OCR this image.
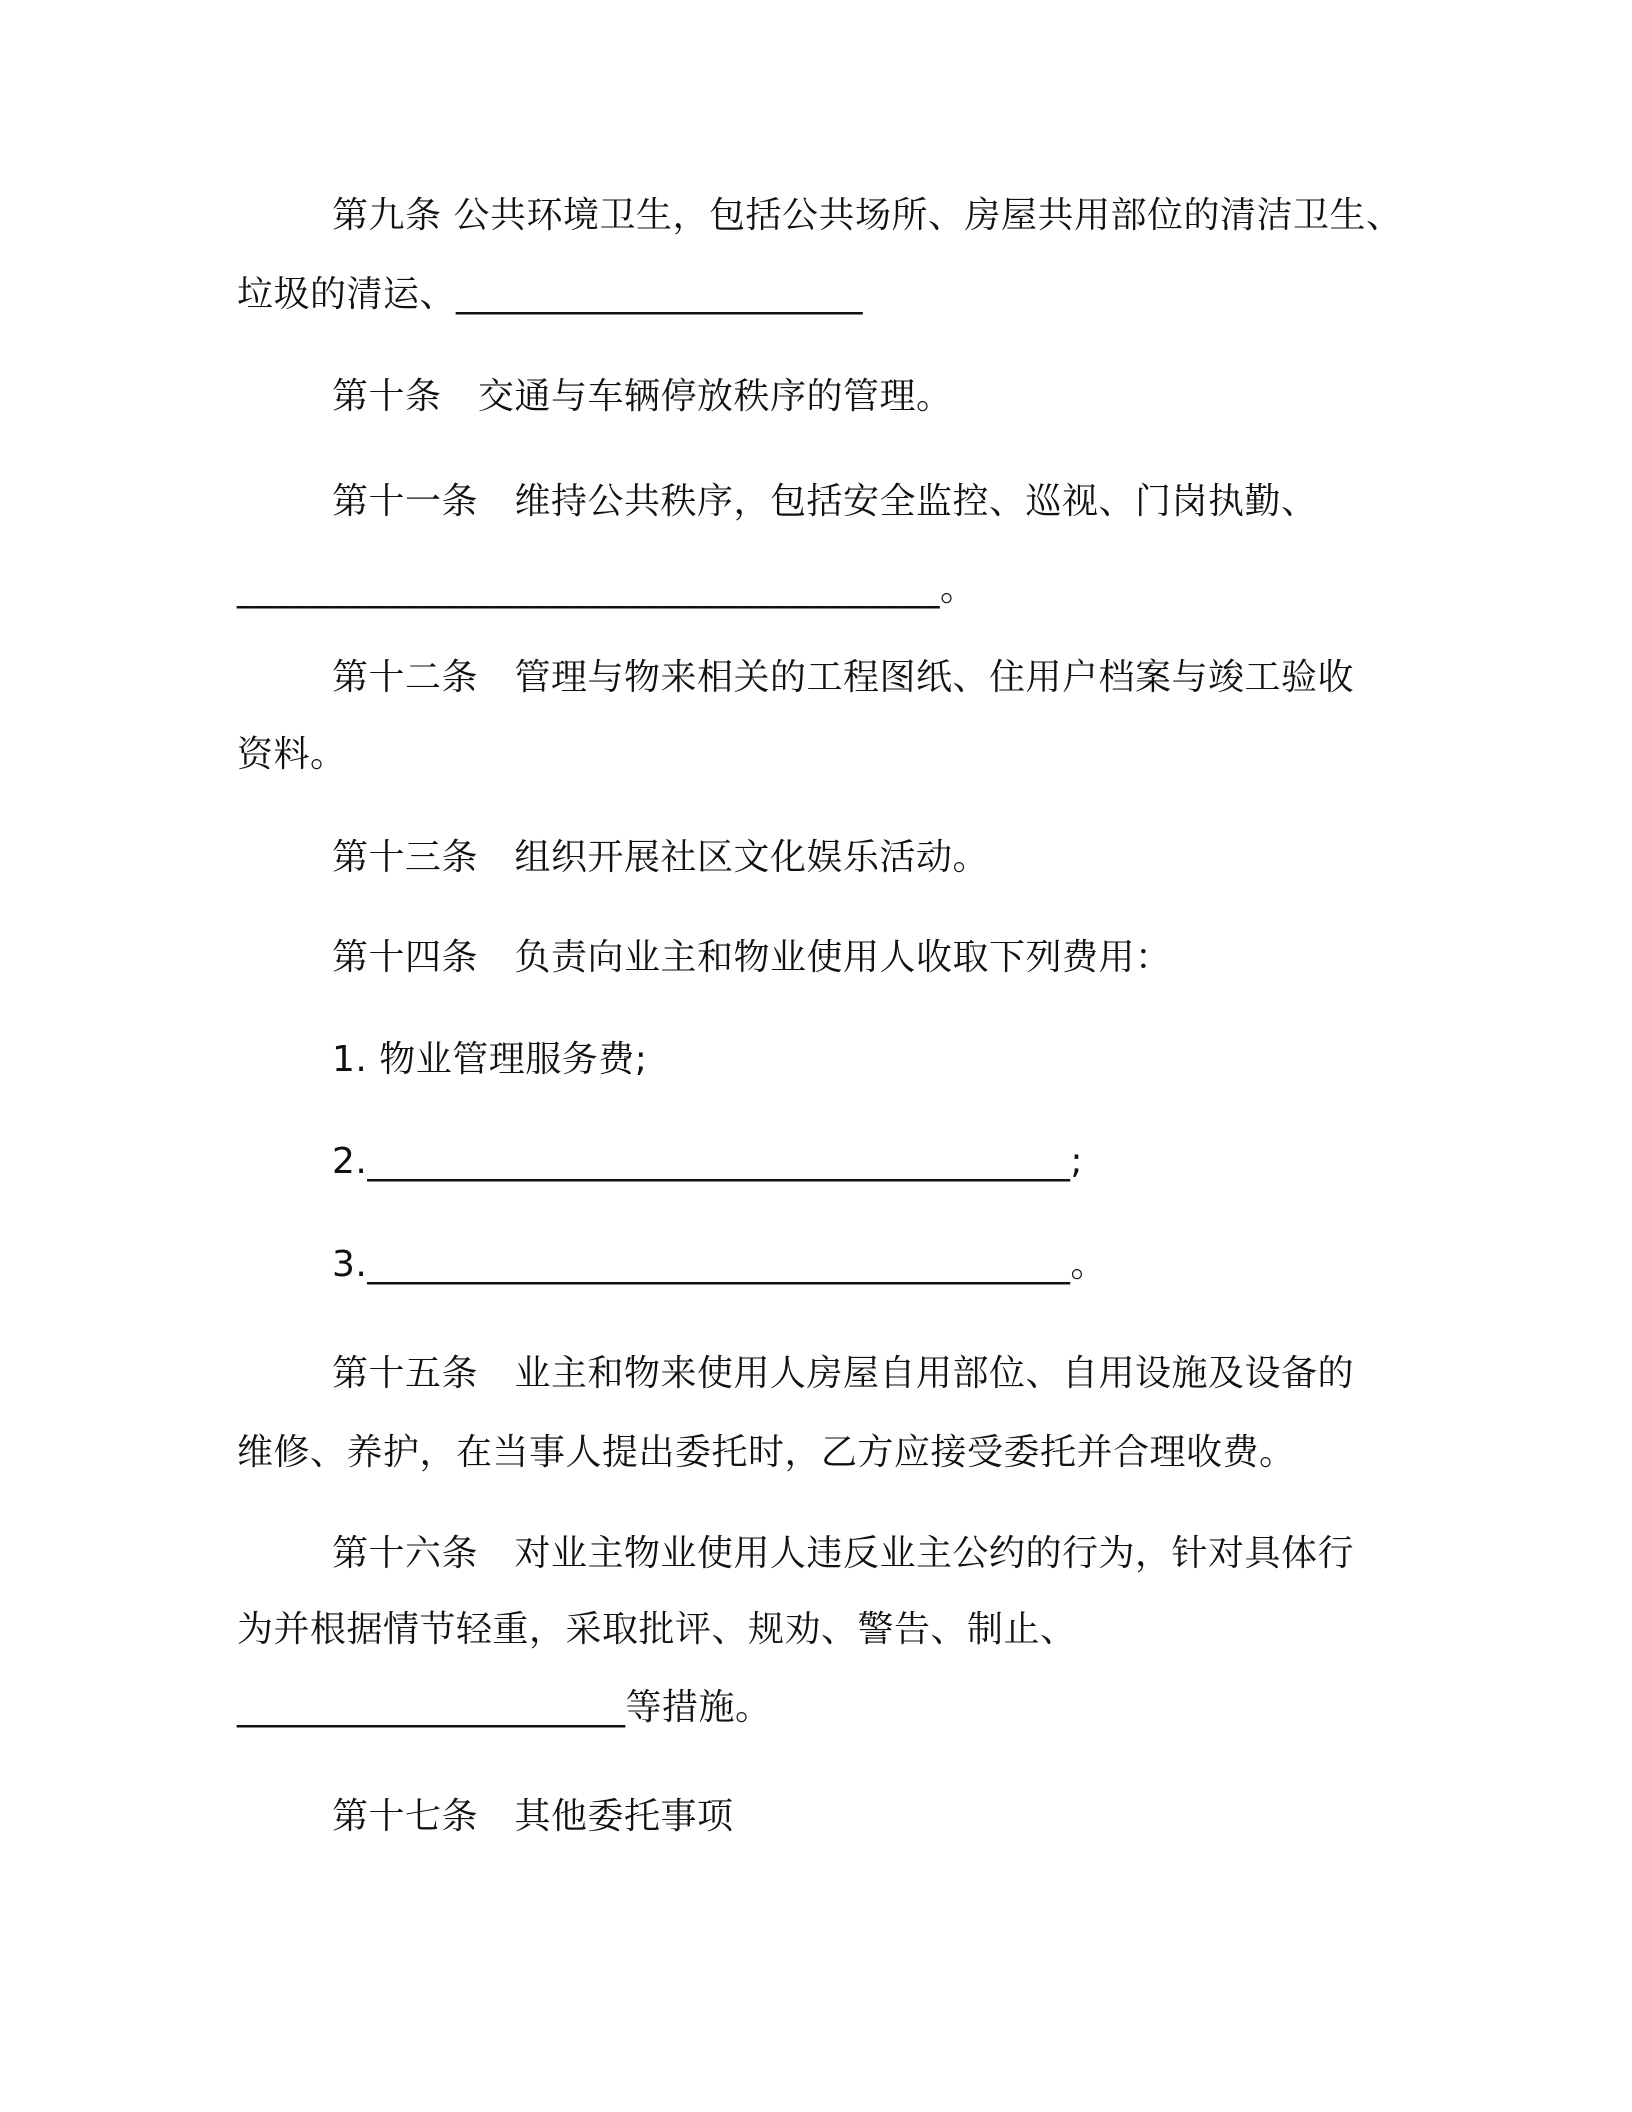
第九条 公共环境卫生，包括公共场所、房屋共用部位的清洁卫生、
垃圾的清运、______________________
第十条　交通与车辆停放秩序的管理。
第十一条　维持公共秩序，包括安全监控、巡视、门岗执勤、
______________________________________。
第十二条　管理与物来相关的工程图纸、住用户档案与竣工验收
资料。
第十三条　组织开展社区文化娱乐活动。
第十四条　负责向业主和物业使用人收取下列费用：
1. 物业管理服务费;
2.______________________________________;
3.______________________________________。
第十五条　业主和物来使用人房屋自用部位、自用设施及设备的
维修、养护，在当事人提出委托时，乙方应接受委托并合理收费。
第十六条　对业主物业使用人违反业主公约的行为，针对具体行
为并根据情节轻重，采取批评、规劝、警告、制止、
_____________________等措施。
第十七条　其他委托事项
